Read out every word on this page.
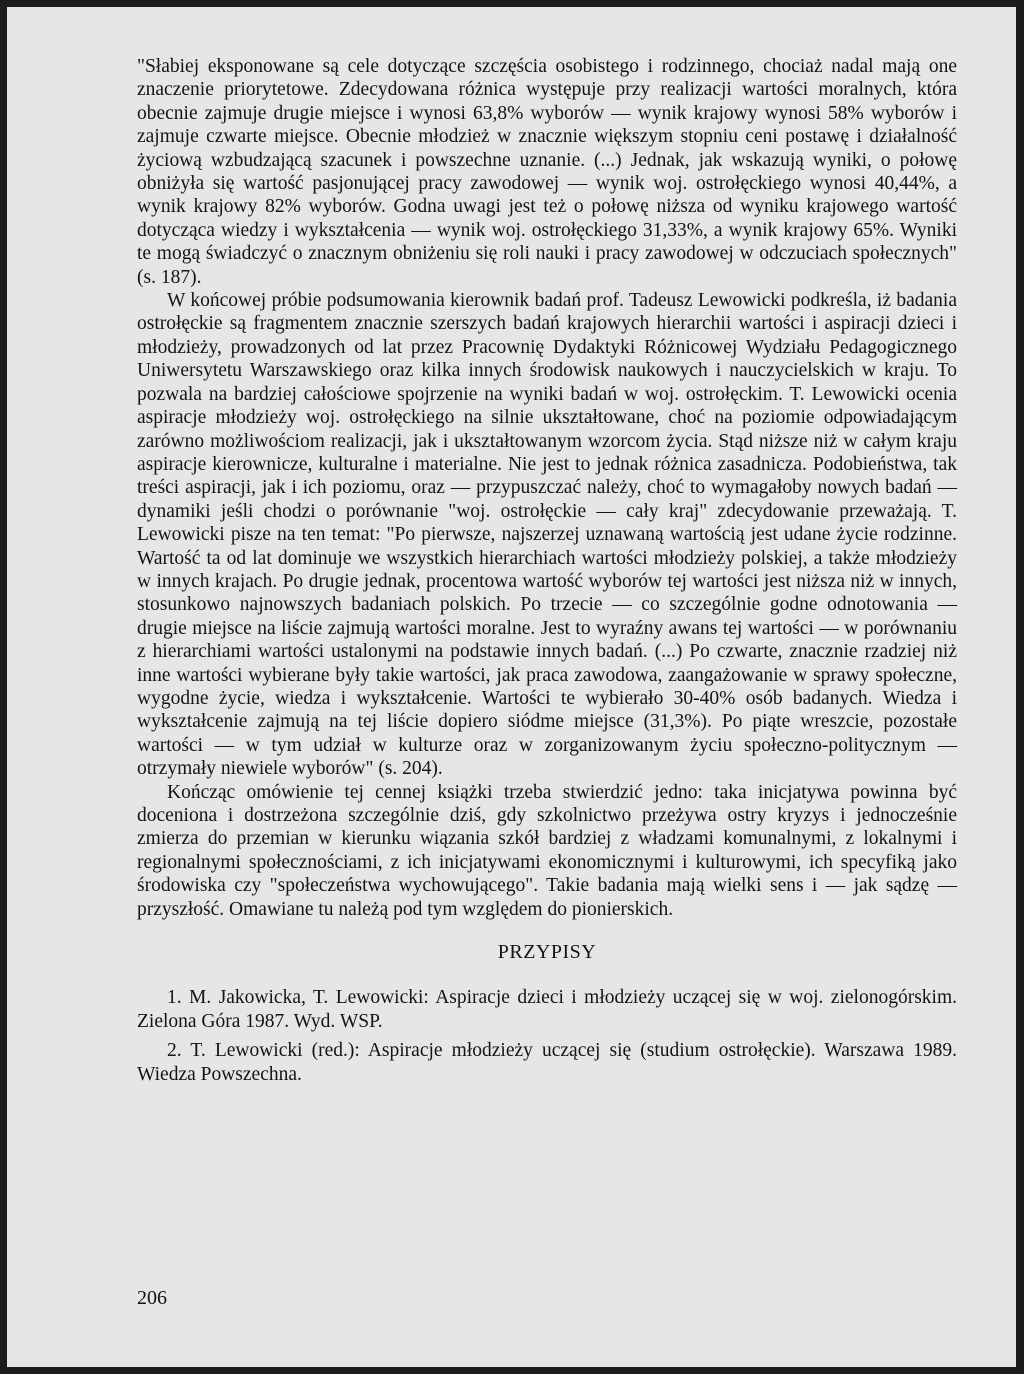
"Słabiej eksponowane są cele dotyczące szczęścia osobistego i rodzinnego, chociaż nadal mają one znaczenie priorytetowe. Zdecydowana różnica występuje przy realizacji wartości moralnych, która obecnie zajmuje drugie miejsce i wynosi 63,8% wyborów — wynik krajowy wynosi 58% wyborów i zajmuje czwarte miejsce. Obecnie młodzież w znacznie większym stopniu ceni postawę i działalność życiową wzbudzającą szacunek i powszechne uznanie. (...) Jednak, jak wskazują wyniki, o połowę obniżyła się wartość pasjonującej pracy zawodowej — wynik woj. ostrołęckiego wynosi 40,44%, a wynik krajowy 82% wyborów. Godna uwagi jest też o połowę niższa od wyniku krajowego wartość dotycząca wiedzy i wykształcenia — wynik woj. ostrołęckiego 31,33%, a wynik krajowy 65%. Wyniki te mogą świadczyć o znacznym obniżeniu się roli nauki i pracy zawodowej w odczuciach społecznych" (s. 187).

W końcowej próbie podsumowania kierownik badań prof. Tadeusz Lewowicki podkreśla, iż badania ostrołęckie są fragmentem znacznie szerszych badań krajowych hierarchii wartości i aspiracji dzieci i młodzieży, prowadzonych od lat przez Pracownię Dydaktyki Różnicowej Wydziału Pedagogicznego Uniwersytetu Warszawskiego oraz kilka innych środowisk naukowych i nauczycielskich w kraju. To pozwala na bardziej całościowe spojrzenie na wyniki badań w woj. ostrołęckim. T. Lewowicki ocenia aspiracje młodzieży woj. ostrołęckiego na silnie ukształtowane, choć na poziomie odpowiadającym zarówno możliwościom realizacji, jak i ukształtowanym wzorcom życia. Stąd niższe niż w całym kraju aspiracje kierownicze, kulturalne i materialne. Nie jest to jednak różnica zasadnicza. Podobieństwa, tak treści aspiracji, jak i ich poziomu, oraz — przypuszczać należy, choć to wymagałoby nowych badań — dynamiki jeśli chodzi o porównanie "woj. ostrołęckie — cały kraj" zdecydowanie przeważają. T. Lewowicki pisze na ten temat: "Po pierwsze, najszerzej uznawaną wartością jest udane życie rodzinne. Wartość ta od lat dominuje we wszystkich hierarchiach wartości młodzieży polskiej, a także młodzieży w innych krajach. Po drugie jednak, procentowa wartość wyborów tej wartości jest niższa niż w innych, stosunkowo najnowszych badaniach polskich. Po trzecie — co szczególnie godne odnotowania — drugie miejsce na liście zajmują wartości moralne. Jest to wyraźny awans tej wartości — w porównaniu z hierarchiami wartości ustalonymi na podstawie innych badań. (...) Po czwarte, znacznie rzadziej niż inne wartości wybierane były takie wartości, jak praca zawodowa, zaangażowanie w sprawy społeczne, wygodne życie, wiedza i wykształcenie. Wartości te wybierało 30-40% osób badanych. Wiedza i wykształcenie zajmują na tej liście dopiero siódme miejsce (31,3%). Po piąte wreszcie, pozostałe wartości — w tym udział w kulturze oraz w zorganizowanym życiu społeczno-politycznym — otrzymały niewiele wyborów" (s. 204).

Kończąc omówienie tej cennej książki trzeba stwierdzić jedno: taka inicjatywa powinna być doceniona i dostrzeżona szczególnie dziś, gdy szkolnictwo przeżywa ostry kryzys i jednocześnie zmierza do przemian w kierunku wiązania szkół bardziej z władzami komunalnymi, z lokalnymi i regionalnymi społecznościami, z ich inicjatywami ekonomicznymi i kulturowymi, ich specyfiką jako środowiska czy "społeczeństwa wychowującego". Takie badania mają wielki sens i — jak sądzę — przyszłość. Omawiane tu należą pod tym względem do pionierskich.

PRZYPISY

1. M. Jakowicka, T. Lewowicki: Aspiracje dzieci i młodzieży uczącej się w woj. zielonogórskim. Zielona Góra 1987. Wyd. WSP.

2. T. Lewowicki (red.): Aspiracje młodzieży uczącej się (studium ostrołęckie). Warszawa 1989. Wiedza Powszechna.

206
